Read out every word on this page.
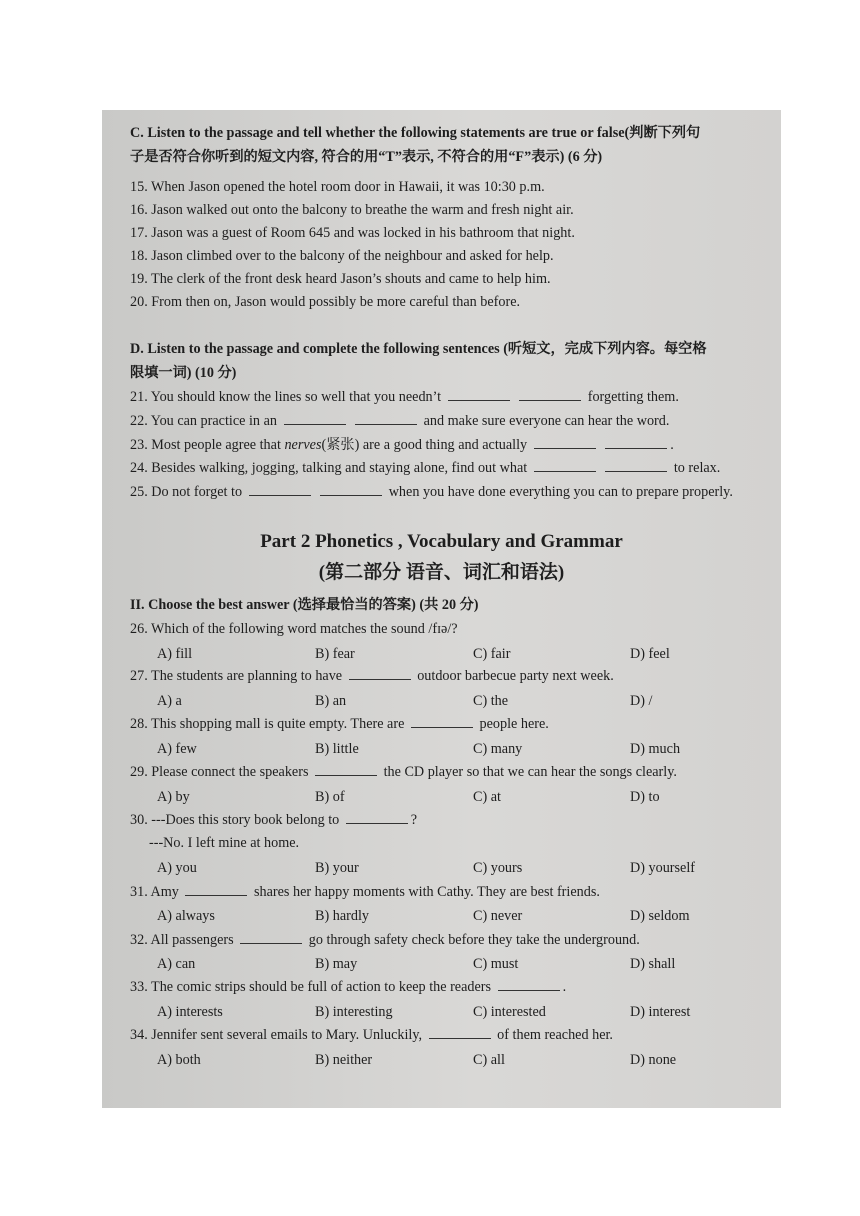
C. Listen to the passage and tell whether the following statements are true or false(判断下列句
子是否符合你听到的短文内容, 符合的用“T”表示, 不符合的用“F”表示) (6 分)
15. When Jason opened the hotel room door in Hawaii, it was 10:30 p.m.
16. Jason walked out onto the balcony to breathe the warm and fresh night air.
17. Jason was a guest of Room 645 and was locked in his bathroom that night.
18. Jason climbed over to the balcony of the neighbour and asked for help.
19. The clerk of the front desk heard Jason’s shouts and came to help him.
20. From then on, Jason would possibly be more careful than before.
D. Listen to the passage and complete the following sentences (听短文，完成下列内容。每空格
限填一词) (10 分)
21. You should know the lines so well that you needn’t	forgetting them.
22. You can practice in an	and make sure everyone can hear the word.
23. Most people agree that nerves(紧张) are a good thing and actually	.
24. Besides walking, jogging, talking and staying alone, find out what	to relax.
25. Do not forget to	when you have done everything you can to prepare properly.
Part 2 Phonetics , Vocabulary and Grammar
(第二部分 语音、词汇和语法)
II. Choose the best answer (选择最恰当的答案) (共 20 分)
26. Which of the following word matches the sound /fɪə/?
A) fill	B) fear	C) fair	D) feel
27. The students are planning to have	outdoor barbecue party next week.
A) a	B) an	C) the	D) /
28. This shopping mall is quite empty. There are	people here.
A) few	B) little	C) many	D) much
29. Please connect the speakers	the CD player so that we can hear the songs clearly.
A) by	B) of	C) at	D) to
30. ---Does this story book belong to	?
---No. I left mine at home.
A) you	B) your	C) yours	D) yourself
31. Amy	shares her happy moments with Cathy. They are best friends.
A) always	B) hardly	C) never	D) seldom
32. All passengers	go through safety check before they take the underground.
A) can	B) may	C) must	D) shall
33. The comic strips should be full of action to keep the readers	.
A) interests	B) interesting	C) interested	D) interest
34. Jennifer sent several emails to Mary. Unluckily,	of them reached her.
A) both	B) neither	C) all	D) none
